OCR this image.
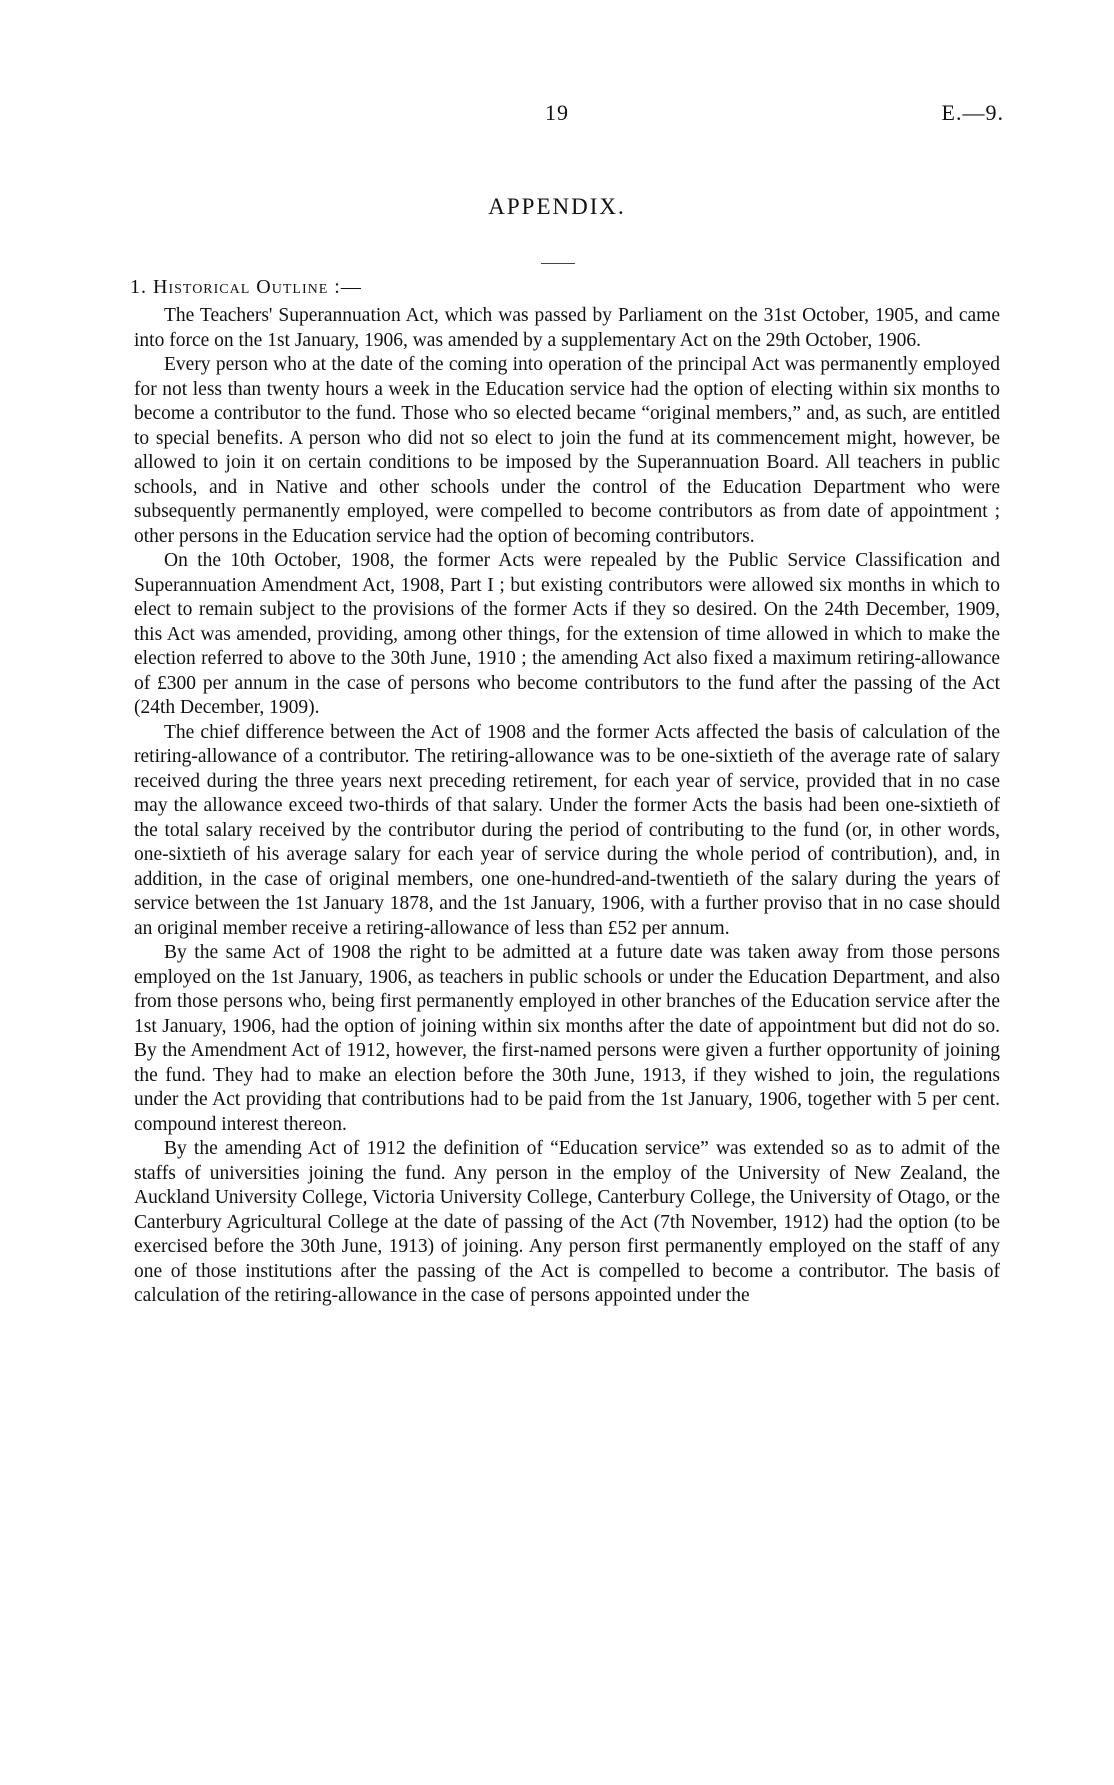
19	E.—9.
APPENDIX.
1. Historical Outline :—

The Teachers' Superannuation Act, which was passed by Parliament on the 31st October, 1905, and came into force on the 1st January, 1906, was amended by a supplementary Act on the 29th October, 1906.

Every person who at the date of the coming into operation of the principal Act was permanently employed for not less than twenty hours a week in the Education service had the option of electing within six months to become a contributor to the fund. Those who so elected became “original members,” and, as such, are entitled to special benefits. A person who did not so elect to join the fund at its commencement might, however, be allowed to join it on certain conditions to be imposed by the Superannuation Board. All teachers in public schools, and in Native and other schools under the control of the Education Department who were subsequently permanently employed, were compelled to become contributors as from date of appointment ; other persons in the Education service had the option of becoming contributors.

On the 10th October, 1908, the former Acts were repealed by the Public Service Classification and Superannuation Amendment Act, 1908, Part I ; but existing contributors were allowed six months in which to elect to remain subject to the provisions of the former Acts if they so desired. On the 24th December, 1909, this Act was amended, providing, among other things, for the extension of time allowed in which to make the election referred to above to the 30th June, 1910 ; the amending Act also fixed a maximum retiring-allowance of £300 per annum in the case of persons who become contributors to the fund after the passing of the Act (24th December, 1909).

The chief difference between the Act of 1908 and the former Acts affected the basis of calculation of the retiring-allowance of a contributor. The retiring-allowance was to be one-sixtieth of the average rate of salary received during the three years next preceding retirement, for each year of service, provided that in no case may the allowance exceed two-thirds of that salary. Under the former Acts the basis had been one-sixtieth of the total salary received by the contributor during the period of contributing to the fund (or, in other words, one-sixtieth of his average salary for each year of service during the whole period of contribution), and, in addition, in the case of original members, one one-hundred-and-twentieth of the salary during the years of service between the 1st January 1878, and the 1st January, 1906, with a further proviso that in no case should an original member receive a retiring-allowance of less than £52 per annum.

By the same Act of 1908 the right to be admitted at a future date was taken away from those persons employed on the 1st January, 1906, as teachers in public schools or under the Education Department, and also from those persons who, being first permanently employed in other branches of the Education service after the 1st January, 1906, had the option of joining within six months after the date of appointment but did not do so. By the Amendment Act of 1912, however, the first-named persons were given a further opportunity of joining the fund. They had to make an election before the 30th June, 1913, if they wished to join, the regulations under the Act providing that contributions had to be paid from the 1st January, 1906, together with 5 per cent. compound interest thereon.

By the amending Act of 1912 the definition of “Education service” was extended so as to admit of the staffs of universities joining the fund. Any person in the employ of the University of New Zealand, the Auckland University College, Victoria University College, Canterbury College, the University of Otago, or the Canterbury Agricultural College at the date of passing of the Act (7th November, 1912) had the option (to be exercised before the 30th June, 1913) of joining. Any person first permanently employed on the staff of any one of those institutions after the passing of the Act is compelled to become a contributor. The basis of calculation of the retiring-allowance in the case of persons appointed under the
